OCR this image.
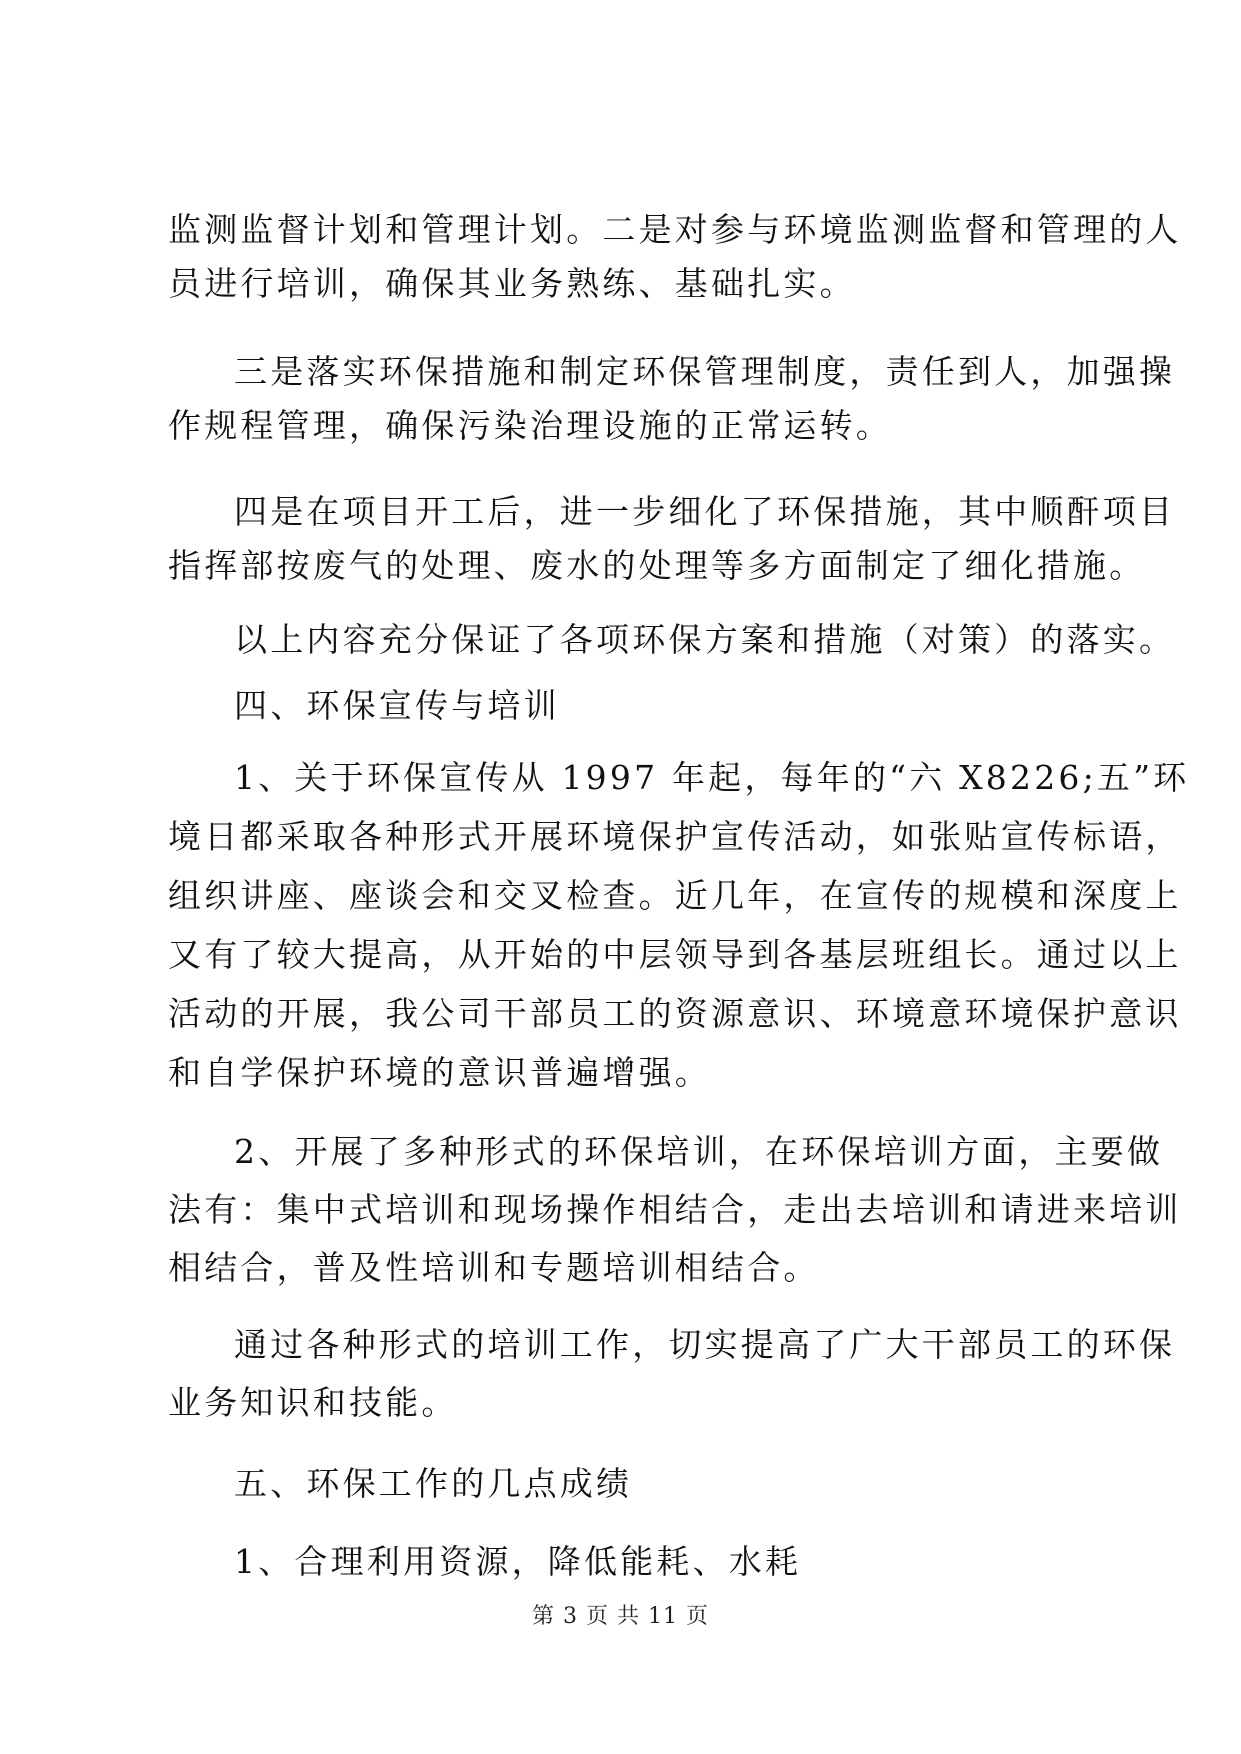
监测监督计划和管理计划。二是对参与环境监测监督和管理的人
员进行培训，确保其业务熟练、基础扎实。
三是落实环保措施和制定环保管理制度，责任到人，加强操
作规程管理，确保污染治理设施的正常运转。
四是在项目开工后，进一步细化了环保措施，其中顺酐项目
指挥部按废气的处理、废水的处理等多方面制定了细化措施。
以上内容充分保证了各项环保方案和措施（对策）的落实。
四、环保宣传与培训
1、关于环保宣传从 1997 年起，每年的“六 X8226;五”环
境日都采取各种形式开展环境保护宣传活动，如张贴宣传标语，
组织讲座、座谈会和交叉检查。近几年，在宣传的规模和深度上
又有了较大提高，从开始的中层领导到各基层班组长。通过以上
活动的开展，我公司干部员工的资源意识、环境意环境保护意识
和自学保护环境的意识普遍增强。
2、开展了多种形式的环保培训，在环保培训方面，主要做
法有：集中式培训和现场操作相结合，走出去培训和请进来培训
相结合，普及性培训和专题培训相结合。
通过各种形式的培训工作，切实提高了广大干部员工的环保
业务知识和技能。
五、环保工作的几点成绩
1、合理利用资源，降低能耗、水耗
第 3 页 共 11 页
